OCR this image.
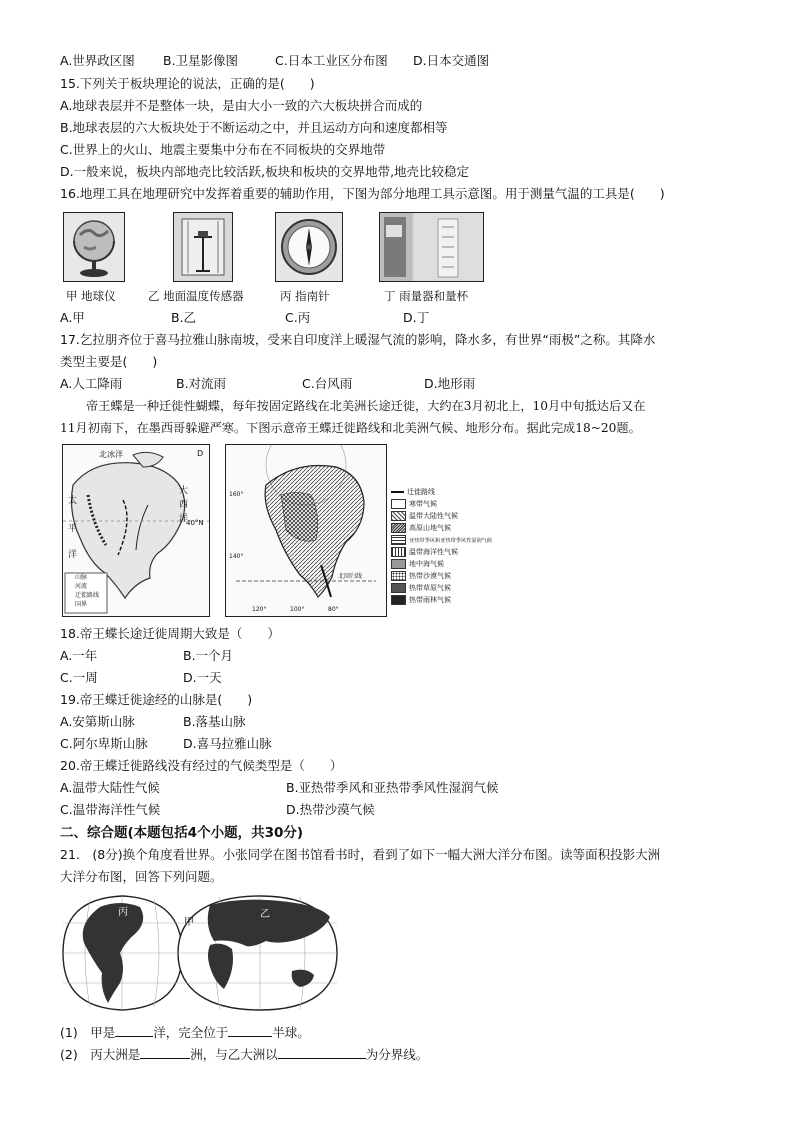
A.世界政区图 B.卫星影像图	C.日本工业区分布图 D.日本交通图
15.下列关于板块理论的说法，正确的是(　　)
A.地球表层并不是整体一块，是由大小一致的六大板块拼合而成的
B.地球表层的六大板块处于不断运动之中，并且运动方向和速度都相等
C.世界上的火山、地震主要集中分布在不同板块的交界地带
D.一般来说，板块内部地壳比较活跃,板块和板块的交界地带,地壳比较稳定
16.地理工具在地理研究中发挥着重要的辅助作用，下图为部分地理工具示意图。用于测量气温的工具是(　　)
甲 地球仪	乙 地面温度传感器	丙 指南针	丁 雨量器和量杯
A.甲	B.乙	C.丙	D.丁
17.乞拉朋齐位于喜马拉雅山脉南坡，受来自印度洋上暖湿气流的影响，降水多，有世界“雨极”之称。其降水
类型主要是(　　)
A.人工降雨	B.对流雨	C.台风雨	D.地形雨
帝王蝶是一种迁徙性蝴蝶，每年按固定路线在北美洲长途迁徙，大约在3月初北上，10月中旬抵达后又在
11月初南下，在墨西哥躲避严寒。下图示意帝王蝶迁徙路线和北美洲气候、地形分布。据此完成18~20题。
北冰洋	D
太
平
洋
大
西
洋
40°N
山脉
河流
迁徙路线
国界
160°
140°
120°	100°	80°
北回归线
迁徙路线
寒带气候
温带大陆性气候
高原山地气候
亚热带季风和亚热带季风性湿润气候
温带海洋性气候
地中海气候
热带沙漠气候
热带草原气候
热带雨林气候
18.帝王蝶长途迁徙周期大致是（　　）
A.一年	B.一个月
C.一周	D.一天
19.帝王蝶迁徙途经的山脉是(　　)
A.安第斯山脉	B.落基山脉
C.阿尔卑斯山脉	D.喜马拉雅山脉
20.帝王蝶迁徙路线没有经过的气候类型是（　　）
A.温带大陆性气候	B.亚热带季风和亚热带季风性湿润气候
C.温带海洋性气候	D.热带沙漠气候
二、综合题(本题包括4个小题，共30分)
21.　(8分)换个角度看世界。小张同学在图书馆看书时，看到了如下一幅大洲大洋分布图。读等面积投影大洲
大洋分布图，回答下列问题。
丙	乙
甲
(1)　甲是	洋，完全位于	半球。
(2)　丙大洲是	洲，与乙大洲以	为分界线。
